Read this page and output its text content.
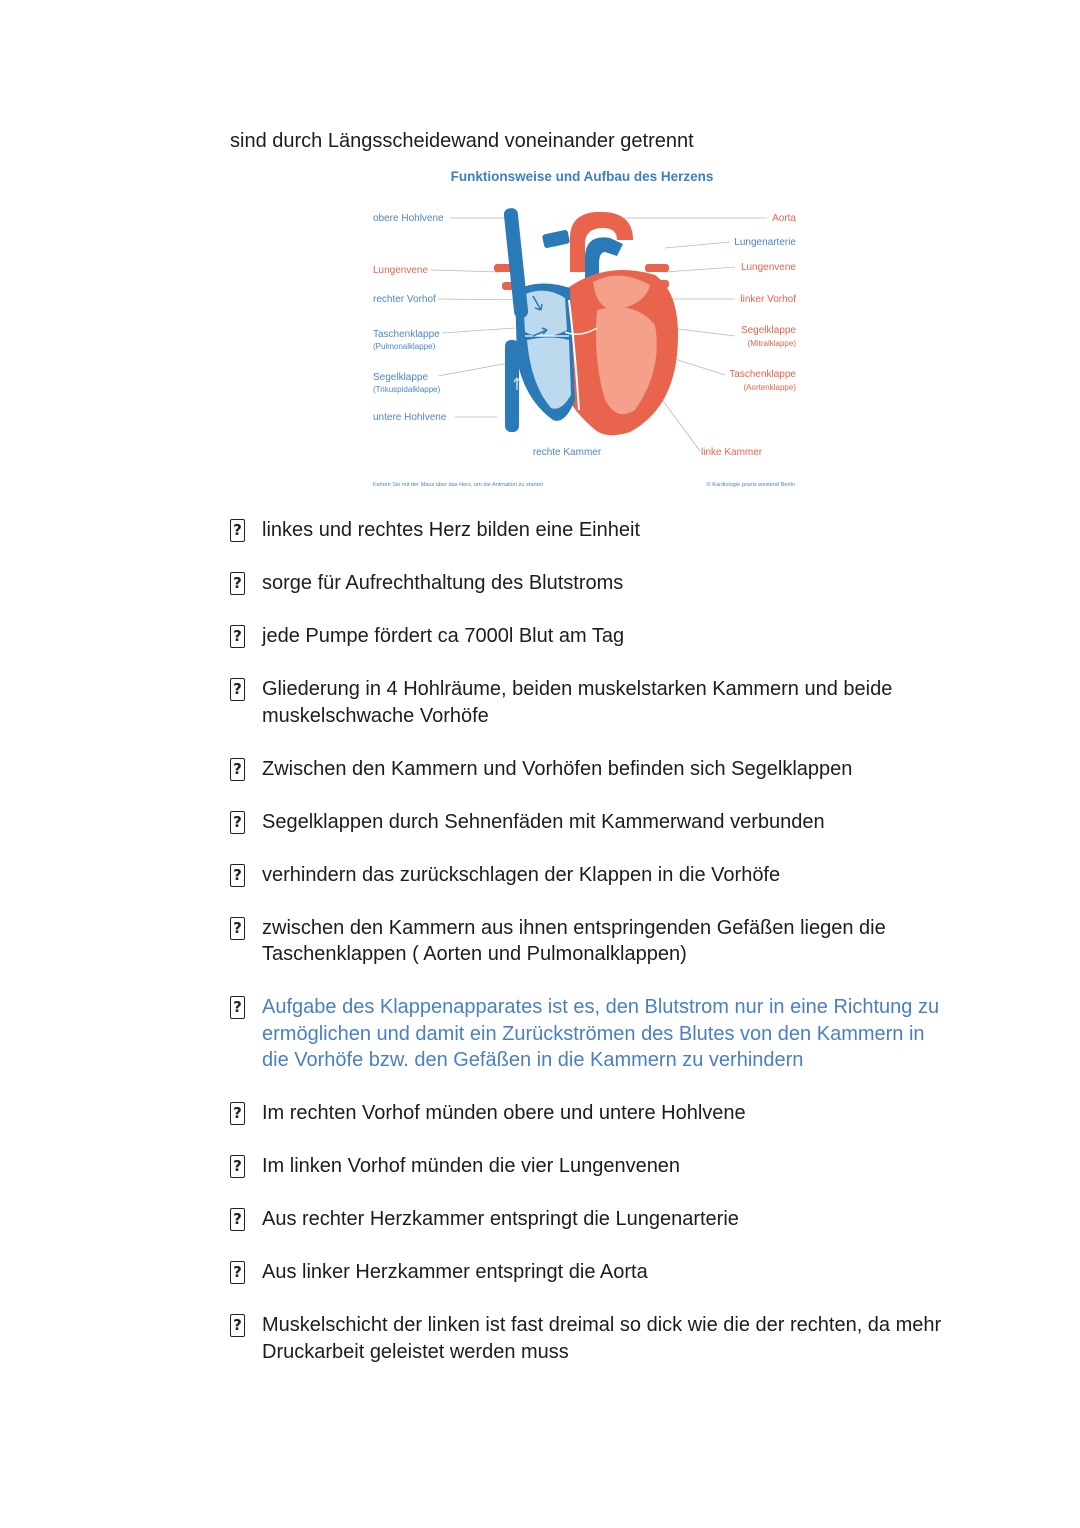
sind durch Längsscheidewand voneinander getrennt

Funktionsweise und Aufbau des Herzens
obere Hohlvene
Lungenvene
rechter Vorhof
Taschenklappe
(Pulmonalklappe)
Segelklappe
(Trikuspidalklappe)
untere Hohlvene
Aorta
Lungenarterie
Lungenvene
linker Vorhof
Segelklappe
(Mitralklappe)
Taschenklappe
(Aortenklappe)
rechte Kammer	linke Kammer
Fahren Sie mit der Maus über das Herz, um die Animation zu starten	© Kardiologie praxis westend Berlin
? linkes und rechtes Herz bilden eine Einheit
? sorge für Aufrechthaltung des Blutstroms
? jede Pumpe fördert ca 7000l Blut am Tag
? Gliederung in 4 Hohlräume, beiden muskelstarken Kammern und beide muskelschwache Vorhöfe
? Zwischen den Kammern und Vorhöfen befinden sich Segelklappen
? Segelklappen durch Sehnenfäden mit Kammerwand verbunden
? verhindern das zurückschlagen der Klappen in die Vorhöfe
? zwischen den Kammern aus ihnen entspringenden Gefäßen liegen die Taschenklappen ( Aorten und Pulmonalklappen)
? Aufgabe des Klappenapparates ist es, den Blutstrom nur in eine Richtung zu ermöglichen und damit ein Zurückströmen des Blutes von den Kammern in die Vorhöfe bzw. den Gefäßen in die Kammern zu verhindern
? Im rechten Vorhof münden obere und untere Hohlvene
? Im linken Vorhof münden die vier Lungenvenen
? Aus rechter Herzkammer entspringt die Lungenarterie
? Aus linker Herzkammer entspringt die Aorta
? Muskelschicht der linken ist fast dreimal so dick wie die der rechten, da mehr Druckarbeit geleistet werden muss
